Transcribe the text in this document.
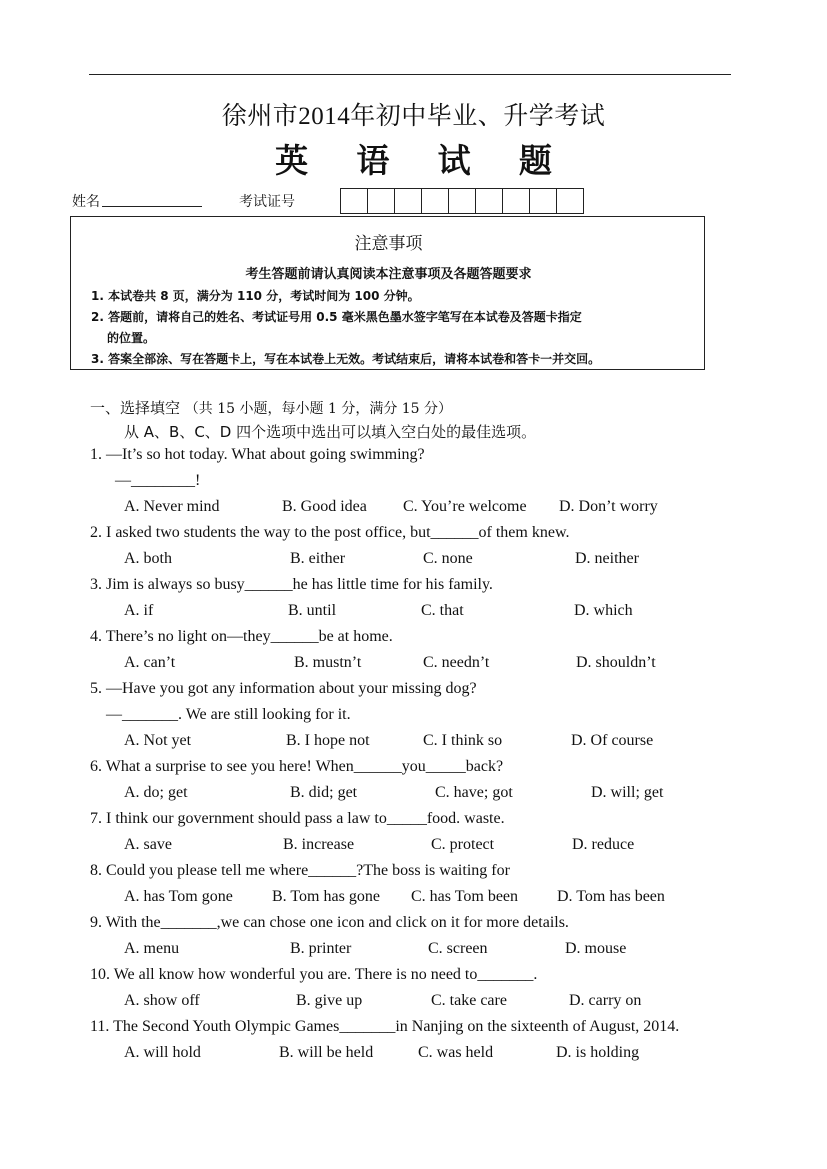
徐州市2014年初中毕业、升学考试
英 语 试 题
姓名	考试证号
注意事项
考生答题前请认真阅读本注意事项及各题答题要求
1. 本试卷共 8 页，满分为 110 分，考试时间为 100 分钟。
2. 答题前，请将自己的姓名、考试证号用 0.5 毫米黑色墨水签字笔写在本试卷及答题卡指定
的位置。
3. 答案全部涂、写在答题卡上，写在本试卷上无效。考试结束后，请将本试卷和答卡一并交回。
一、选择填空 （共 15 小题，每小题 1 分，满分 15 分）
从 A、B、C、D 四个选项中选出可以填入空白处的最佳选项。
1. —It’s so hot today. What about going swimming?
—________!
A. Never mind	B. Good idea C. You’re welcome D. Don’t worry
2. I asked two students the way to the post office, but______of them knew.
A. both	B. either	C. none	D. neither
3. Jim is always so busy______he has little time for his family.
A. if	B. until	C. that	D. which
4. There’s no light on—they______be at home.
A. can’t	B. mustn’t	C. needn’t	D. shouldn’t
5. —Have you got any information about your missing dog?
—_______. We are still looking for it.
A. Not yet	B. I hope not	C. I think so	D. Of course
6. What a surprise to see you here! When______you_____back?
A. do; get	B. did; get	C. have; got	D. will; get
7. I think our government should pass a law to_____food. waste.
A. save	B. increase	C. protect	D. reduce
8. Could you please tell me where______?The boss is waiting for
A. has Tom gone B. Tom has gone C. has Tom been D. Tom has been
9. With the_______,we can chose one icon and click on it for more details.
A. menu	B. printer	C. screen	D. mouse
10. We all know how wonderful you are. There is no need to_______.
A. show off	B. give up	C. take care	D. carry on
11. The Second Youth Olympic Games_______in Nanjing on the sixteenth of August, 2014.
A. will hold	B. will be held	C. was held	D. is holding
